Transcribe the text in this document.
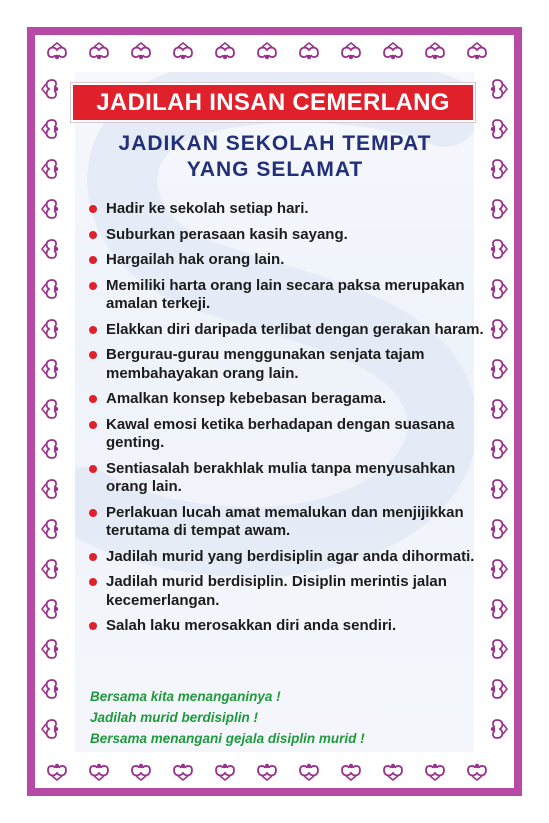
JADILAH INSAN CEMERLANG
JADIKAN SEKOLAH TEMPAT
YANG SELAMAT
Hadir ke sekolah setiap hari.
Suburkan perasaan kasih sayang.
Hargailah hak orang lain.
Memiliki harta orang lain secara paksa merupakan amalan terkeji.
Elakkan diri daripada terlibat dengan gerakan haram.
Bergurau-gurau menggunakan senjata tajam membahayakan orang lain.
Amalkan konsep kebebasan beragama.
Kawal emosi ketika berhadapan dengan suasana genting.
Sentiasalah berakhlak mulia tanpa menyusahkan orang lain.
Perlakuan lucah amat memalukan dan menjijikkan terutama di tempat awam.
Jadilah murid yang berdisiplin agar anda dihormati.
Jadilah murid berdisiplin. Disiplin merintis jalan kecemerlangan.
Salah laku merosakkan diri anda sendiri.
Bersama kita menanganinya !
Jadilah murid berdisiplin !
Bersama menangani gejala disiplin murid !
